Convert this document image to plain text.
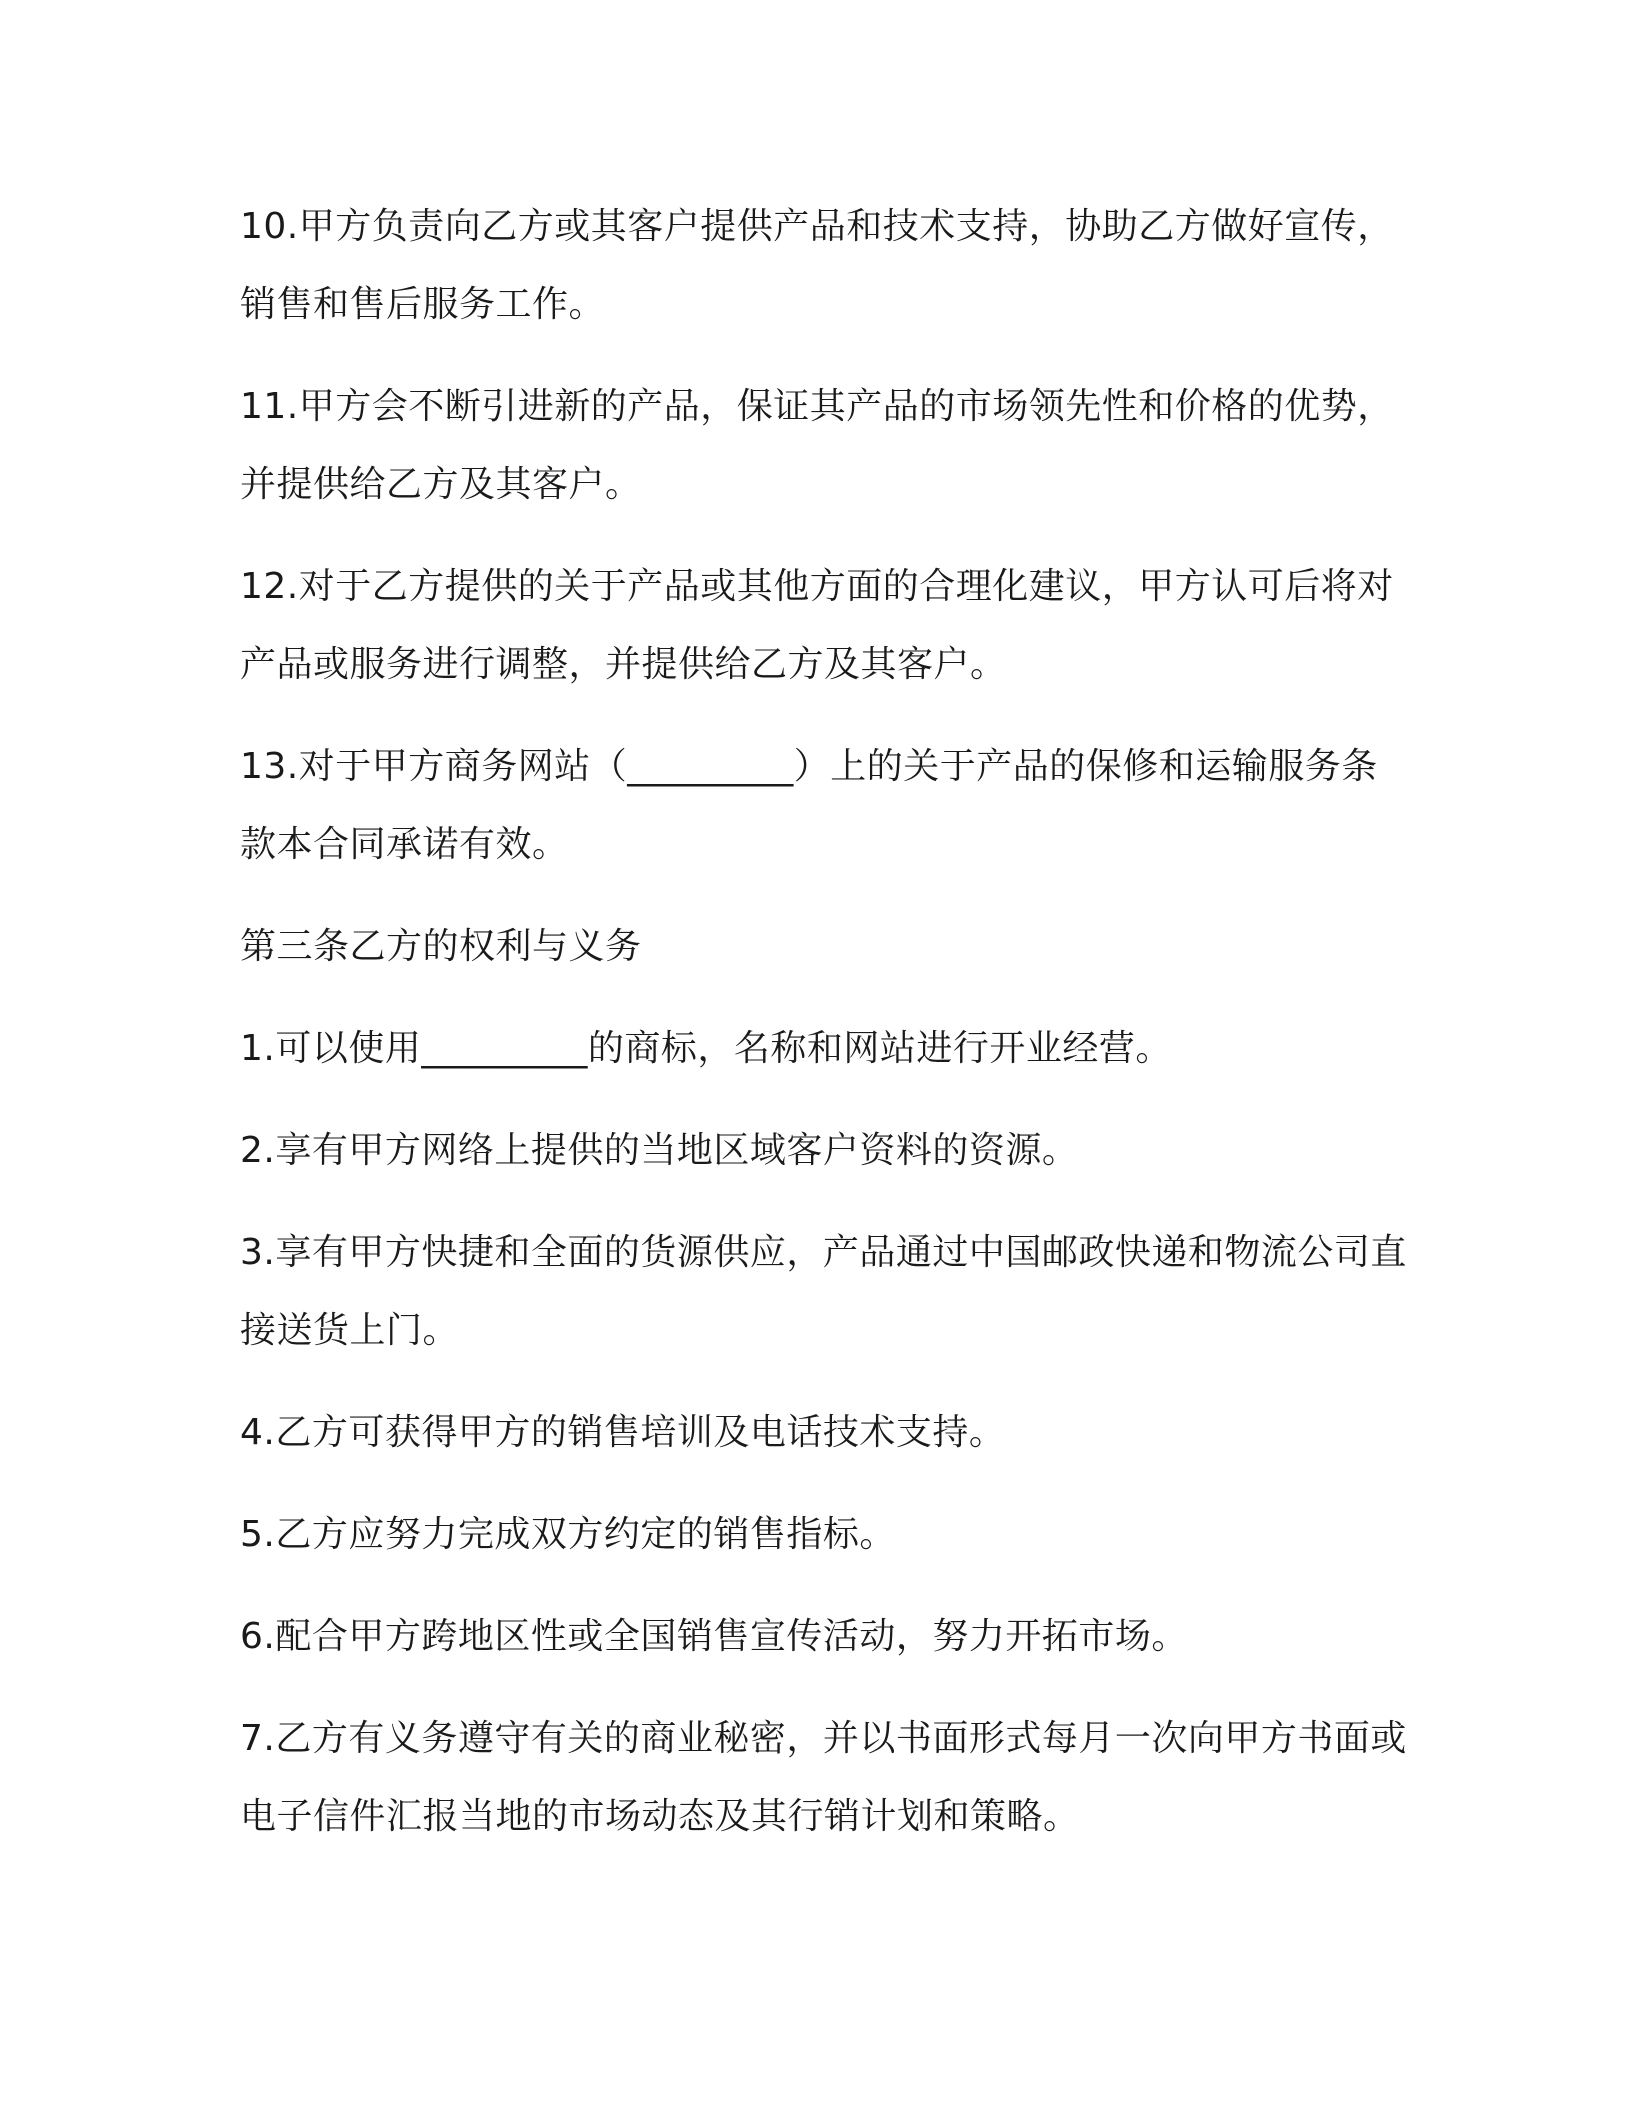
10.甲方负责向乙方或其客户提供产品和技术支持，协助乙方做好宣传，销售和售后服务工作。

11.甲方会不断引进新的产品，保证其产品的市场领先性和价格的优势，并提供给乙方及其客户。

12.对于乙方提供的关于产品或其他方面的合理化建议，甲方认可后将对产品或服务进行调整，并提供给乙方及其客户。

13.对于甲方商务网站（_________）上的关于产品的保修和运输服务条款本合同承诺有效。

第三条乙方的权利与义务

1.可以使用_________的商标，名称和网站进行开业经营。

2.享有甲方网络上提供的当地区域客户资料的资源。

3.享有甲方快捷和全面的货源供应，产品通过中国邮政快递和物流公司直接送货上门。

4.乙方可获得甲方的销售培训及电话技术支持。

5.乙方应努力完成双方约定的销售指标。

6.配合甲方跨地区性或全国销售宣传活动，努力开拓市场。

7.乙方有义务遵守有关的商业秘密，并以书面形式每月一次向甲方书面或电子信件汇报当地的市场动态及其行销计划和策略。
